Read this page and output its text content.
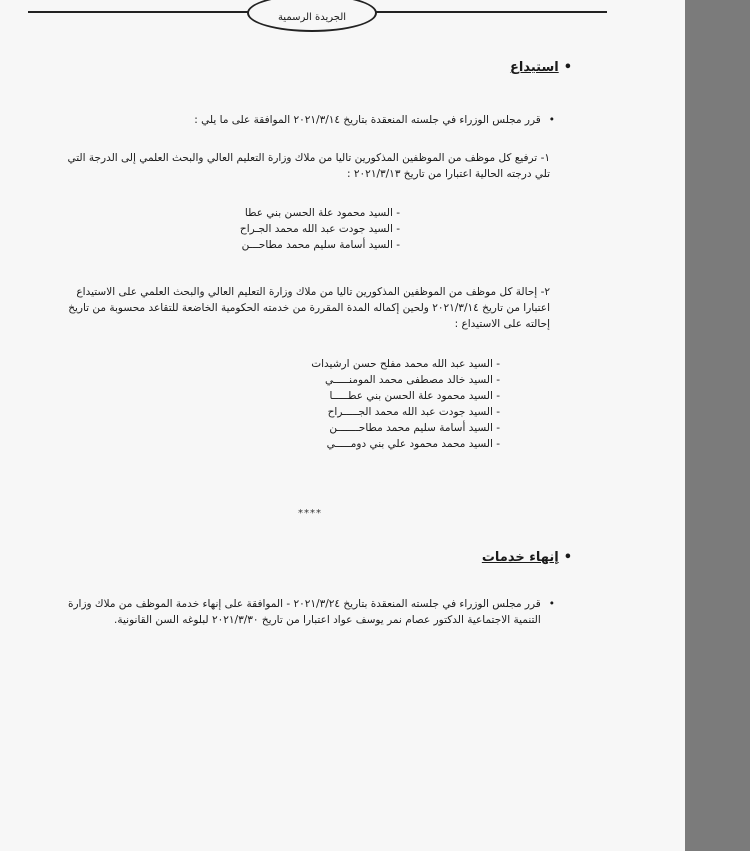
الجريدة الرسمية
•استيداع
•
قرر مجلس الوزراء في جلسته المنعقدة بتاريخ ٢٠٢١/٣/١٤ الموافقة على ما يلي :
١- ترفيع كل موظف من الموظفين المذكورين تاليا من ملاك وزارة التعليم العالي والبحث العلمي إلى الدرجة التي تلي درجته الحالية اعتبارا من تاريخ ٢٠٢١/٣/١٣ :
- السيد محمود علة الحسن بني عطا
- السيد جودت عبد الله محمد الجـراح
- السيد أسامة سليم محمد مطاحـــن
٢- إحالة كل موظف من الموظفين المذكورين تاليا من ملاك وزارة التعليم العالي والبحث العلمي على الاستيداع اعتبارا من تاريخ ٢٠٢١/٣/١٤ ولحين إكماله المدة المقررة من خدمته الحكومية الخاضعة للتقاعد محسوبة من تاريخ إحالته على الاستيداع :
- السيد عبد الله محمد مفلح حسن ارشيدات
- السيد خالد مصطفى محمد المومنـــــي
- السيد محمود علة الحسن بني عطـــــا
- السيد جودت عبد الله محمد الجـــــراح
- السيد أسامة سليم محمد مطاحـــــــن
- السيد محمد محمود علي بني دومـــــي
****
•إنهاء خدمات
•
قرر مجلس الوزراء في جلسته المنعقدة بتاريخ ٢٠٢١/٣/٢٤ - الموافقة على إنهاء خدمة الموظف من ملاك وزارة التنمية الاجتماعية الدكتور عصام نمر يوسف عواد اعتبارا من تاريخ ٢٠٢١/٣/٣٠ لبلوغه السن القانونية.
